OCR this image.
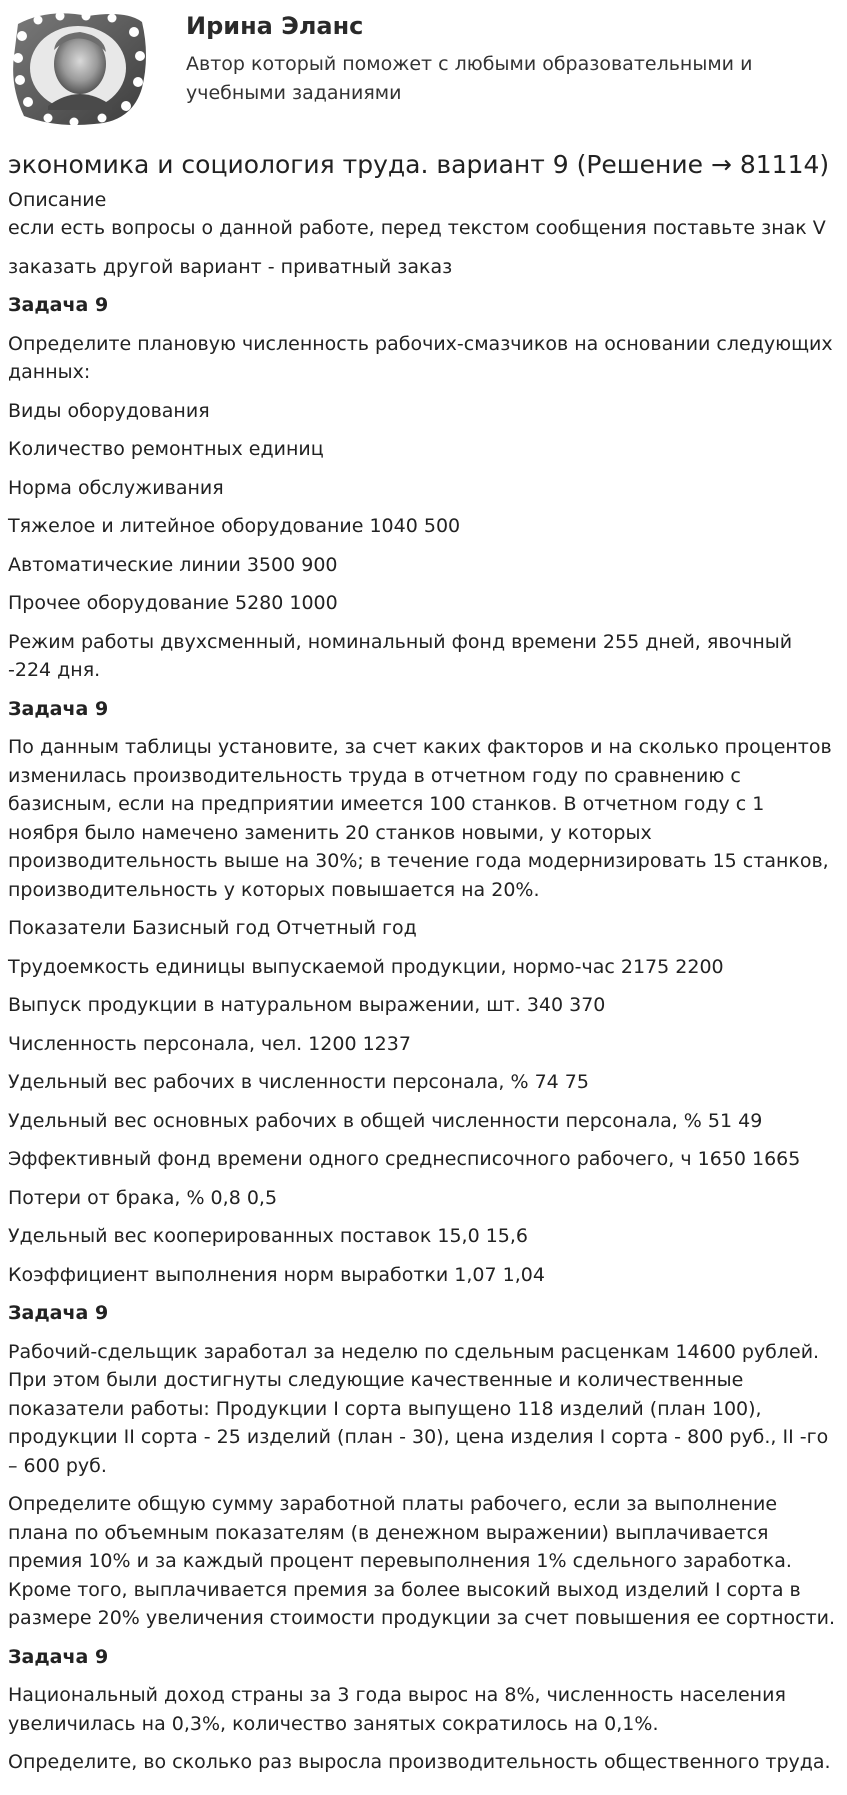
Ирина Эланс

Автор который поможет с любыми образовательными и учебными заданиями

экономика и социология труда. вариант 9 (Решение → 81114)
Описание

если есть вопросы о данной работе, перед текстом сообщения поставьте знак V

заказать другой вариант - приватный заказ

Задача 9

Определите плановую численность рабочих-смазчиков на основании следующих данных:

Виды оборудования

Количество ремонтных единиц

Норма обслуживания

Тяжелое и литейное оборудование 1040 500

Автоматические линии 3500 900

Прочее оборудование 5280 1000

Режим работы двухсменный, номинальный фонд времени 255 дней, явочный -224 дня.

Задача 9

По данным таблицы установите, за счет каких факторов и на сколько процентов изменилась производительность труда в отчетном году по сравнению с базисным, если на предприятии имеется 100 станков. В отчетном году с 1 ноября было намечено заменить 20 станков новыми, у которых производительность выше на 30%; в течение года модернизировать 15 станков, производительность у которых повышается на 20%.

Показатели Базисный год Отчетный год

Трудоемкость единицы выпускаемой продукции, нормо-час 2175 2200

Выпуск продукции в натуральном выражении, шт. 340 370

Численность персонала, чел. 1200 1237

Удельный вес рабочих в численности персонала, % 74 75

Удельный вес основных рабочих в общей численности персонала, % 51 49

Эффективный фонд времени одного среднесписочного рабочего, ч 1650 1665

Потери от брака, % 0,8 0,5

Удельный вес кооперированных поставок 15,0 15,6

Коэффициент выполнения норм выработки 1,07 1,04

Задача 9

Рабочий-сдельщик заработал за неделю по сдельным расценкам 14600 рублей. При этом были достигнуты следующие качественные и количественные показатели работы: Продукции I сорта выпущено 118 изделий (план 100), продукции II сорта - 25 изделий (план - 30), цена изделия I сорта - 800 руб., II -го – 600 руб.

Определите общую сумму заработной платы рабочего, если за выполнение плана по объемным показателям (в денежном выражении) выплачивается премия 10% и за каждый процент перевыполнения 1% сдельного заработка. Кроме того, выплачивается премия за более высокий выход изделий I сорта в размере 20% увеличения стоимости продукции за счет повышения ее сортности.

Задача 9

Национальный доход страны за 3 года вырос на 8%, численность населения увеличилась на 0,3%, количество занятых сократилось на 0,1%.

Определите, во сколько раз выросла производительность общественного труда.
